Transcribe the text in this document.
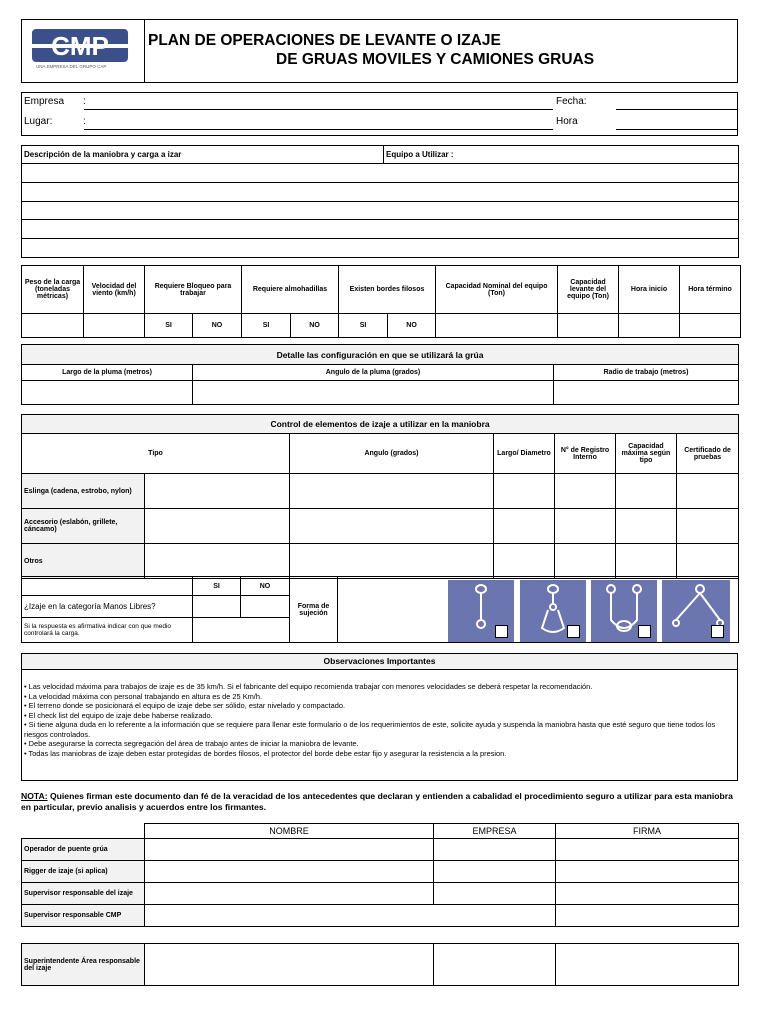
CMP
UNA EMPRESA DEL GRUPO CAP
PLAN DE OPERACIONES DE LEVANTE O IZAJE
DE GRUAS MOVILES Y CAMIONES GRUAS
Empresa :
Lugar:	:
Fecha:
Hora
Descripción de la maniobra y carga a izar	Equipo a Utilizar :

Peso de la carga (toneladas métricas)	Velocidad del viento (km/h)	Requiere Bloqueo para trabajar		Requiere almohadillas		Existen bordes filosos		Capacidad Nominal del equipo (Ton)	Capacidad levante del equipo (Ton)	Hora inicio	Hora término
		SI	NO	SI	NO	SI	NO				
Detalle las configuración en que se utilizará la grúa		
Largo de la pluma (metros)	Angulo de la pluma (grados)	Radio de trabajo (metros)

Control de elementos de izaje a utilizar en la maniobra						
Tipo		Angulo (grados)	Largo/ Diametro	N° de Registro Interno	Capacidad máxima según tipo	Certificado de pruebas
Eslinga (cadena, estrobo, nylon)						
Accesorio (eslabón, grillete, cáncamo)						
Otros						
	SI	NO	Forma de sujeción	

¿Izaje en la categoría Manos Libres?				
Si la respuesta es afirmativa indicar con que medio controlará la carga.				
Observaciones Importantes
• Las velocidad máxima para trabajos de izaje es de 35 km/h. Si el fabricante del equipo recomienda trabajar con menores velocidades se deberá respetar la recomendación.
• La velocidad máxima con personal trabajando en altura es de 25 Km/h.
• El terreno donde se posicionará el equipo de izaje debe ser sólido, estar nivelado y compactado.
• El check list del equipo de izaje debe haberse realizado.
• Si tiene alguna duda en lo referente a la información que se requiere para llenar este formulario o de los requerimientos de este, solicite ayuda y suspenda la maniobra hasta que esté seguro que tiene todos los riesgos controlados.
• Debe asegurarse la correcta segregación del área de trabajo antes de iniciar la maniobra de levante.
• Todas las maniobras de izaje deben estar protegidas de bordes filosos, el protector del borde debe estar fijo y asegurar la resistencia a la presion.
NOTA: Quienes firman este documento dan fé de la veracidad de los antecedentes que declaran y entienden a cabalidad el procedimiento seguro a utilizar para esta maniobra en particular, previo analisis y acuerdos entre los firmantes.
	NOMBRE	EMPRESA	FIRMA
Operador de puente grúa			
Rigger de izaje (si aplica)			
Supervisor responsable del izaje			
Supervisor responsable CMP			
Superintendente Área responsable del izaje			
